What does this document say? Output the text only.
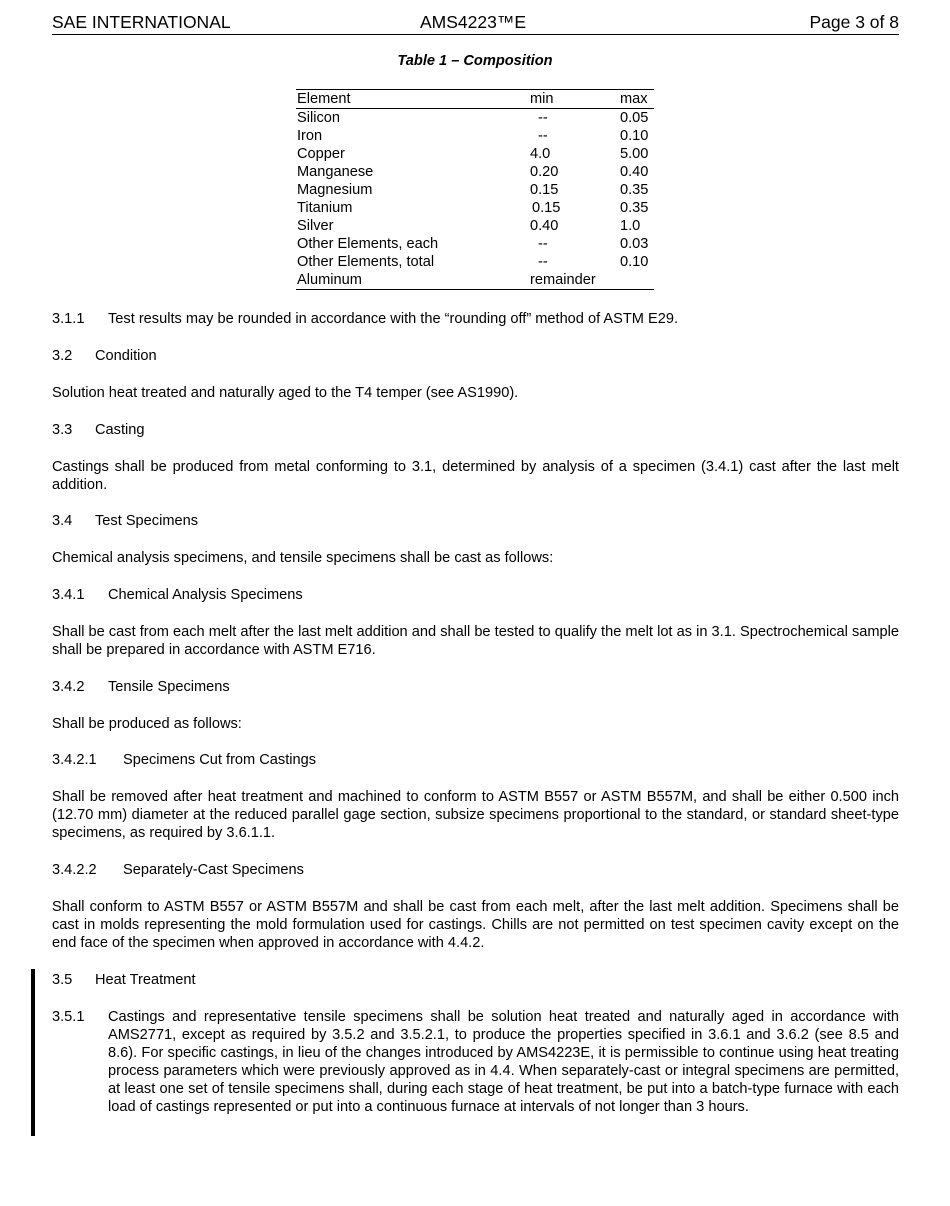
SAE INTERNATIONAL	AMS4223™E	Page 3 of 8
Table 1 – Composition
Element	min	max
Silicon	--	0.05
Iron	--	0.10
Copper	4.0	5.00
Manganese	0.20	0.40
Magnesium	0.15	0.35
Titanium	0.15	0.35
Silver	0.40	1.0
Other Elements, each	--	0.03
Other Elements, total	--	0.10
Aluminum	remainder
3.1.1 Test results may be rounded in accordance with the “rounding off” method of ASTM E29.
3.2 Condition
Solution heat treated and naturally aged to the T4 temper (see AS1990).
3.3 Casting
Castings shall be produced from metal conforming to 3.1, determined by analysis of a specimen (3.4.1) cast after the last melt addition.
3.4 Test Specimens
Chemical analysis specimens, and tensile specimens shall be cast as follows:
3.4.1 Chemical Analysis Specimens
Shall be cast from each melt after the last melt addition and shall be tested to qualify the melt lot as in 3.1. Spectrochemical sample shall be prepared in accordance with ASTM E716.
3.4.2 Tensile Specimens
Shall be produced as follows:
3.4.2.1 Specimens Cut from Castings
Shall be removed after heat treatment and machined to conform to ASTM B557 or ASTM B557M, and shall be either 0.500 inch (12.70 mm) diameter at the reduced parallel gage section, subsize specimens proportional to the standard, or standard sheet-type specimens, as required by 3.6.1.1.
3.4.2.2 Separately-Cast Specimens
Shall conform to ASTM B557 or ASTM B557M and shall be cast from each melt, after the last melt addition. Specimens shall be cast in molds representing the mold formulation used for castings. Chills are not permitted on test specimen cavity except on the end face of the specimen when approved in accordance with 4.4.2.
3.5 Heat Treatment
3.5.1	Castings and representative tensile specimens shall be solution heat treated and naturally aged in accordance with AMS2771, except as required by 3.5.2 and 3.5.2.1, to produce the properties specified in 3.6.1 and 3.6.2 (see 8.5 and 8.6). For specific castings, in lieu of the changes introduced by AMS4223E, it is permissible to continue using heat treating process parameters which were previously approved as in 4.4. When separately-cast or integral specimens are permitted, at least one set of tensile specimens shall, during each stage of heat treatment, be put into a batch-type furnace with each load of castings represented or put into a continuous furnace at intervals of not longer than 3 hours.
